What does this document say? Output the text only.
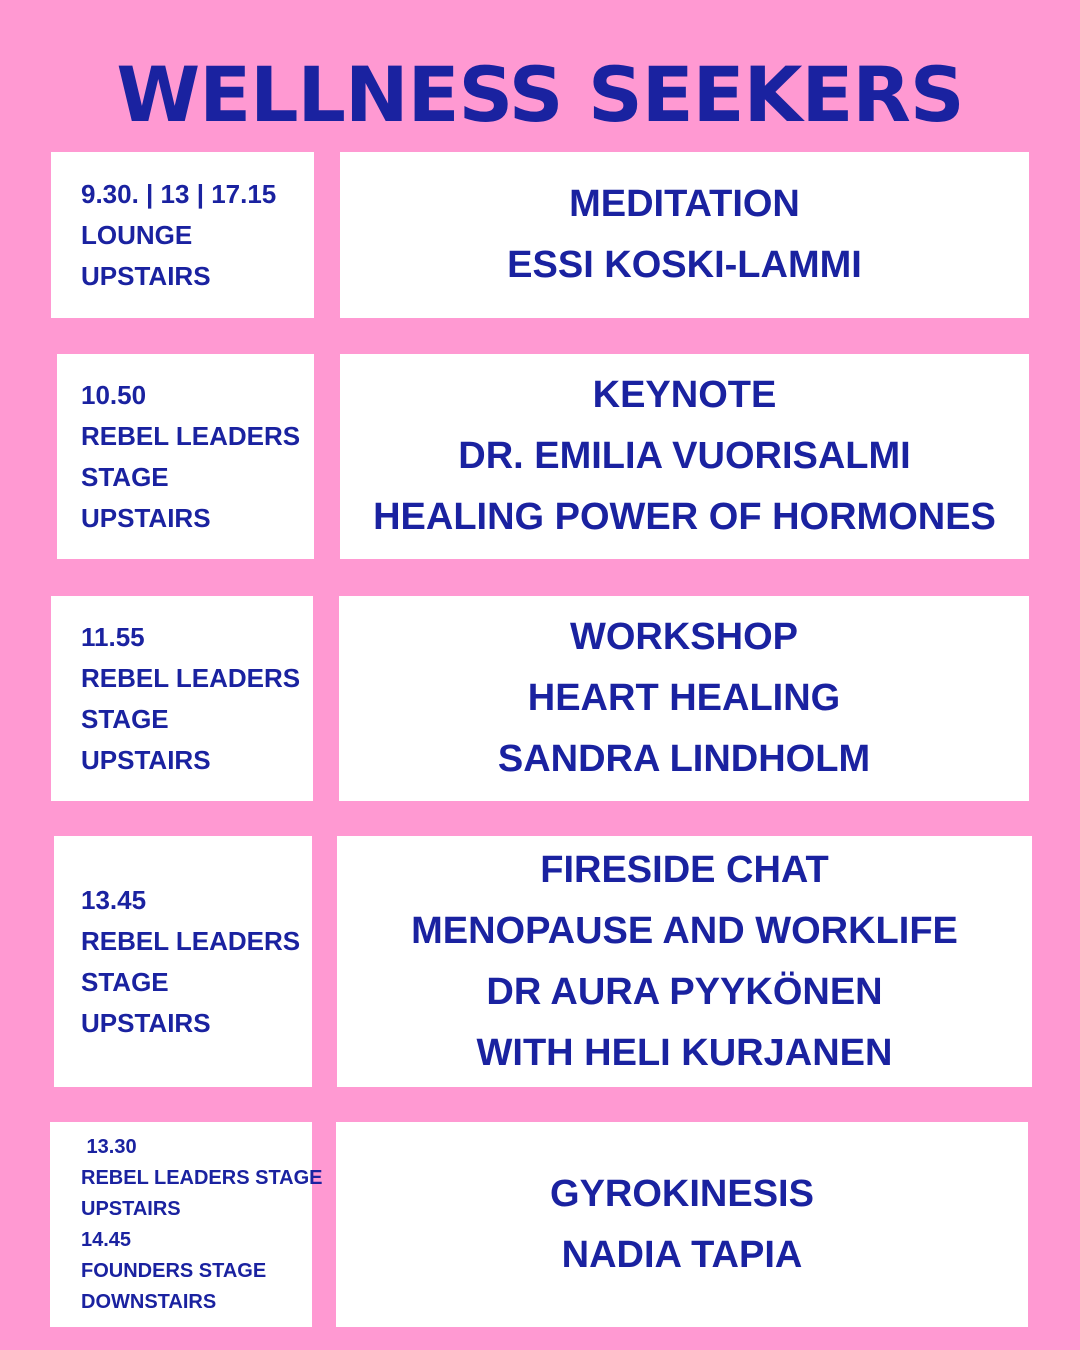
WELLNESS SEEKERS
9.30. | 13 | 17.15
LOUNGE
UPSTAIRS
MEDITATION
ESSI KOSKI-LAMMI
10.50
REBEL LEADERS
STAGE
UPSTAIRS
KEYNOTE
DR. EMILIA VUORISALMI
HEALING POWER OF HORMONES
11.55
REBEL LEADERS
STAGE
UPSTAIRS
WORKSHOP
HEART HEALING
SANDRA LINDHOLM
13.45
REBEL LEADERS
STAGE
UPSTAIRS
FIRESIDE CHAT
MENOPAUSE AND WORKLIFE
DR AURA PYYKÖNEN
WITH HELI KURJANEN
13.30
REBEL LEADERS STAGE
UPSTAIRS
14.45
FOUNDERS STAGE
DOWNSTAIRS
GYROKINESIS
NADIA TAPIA
